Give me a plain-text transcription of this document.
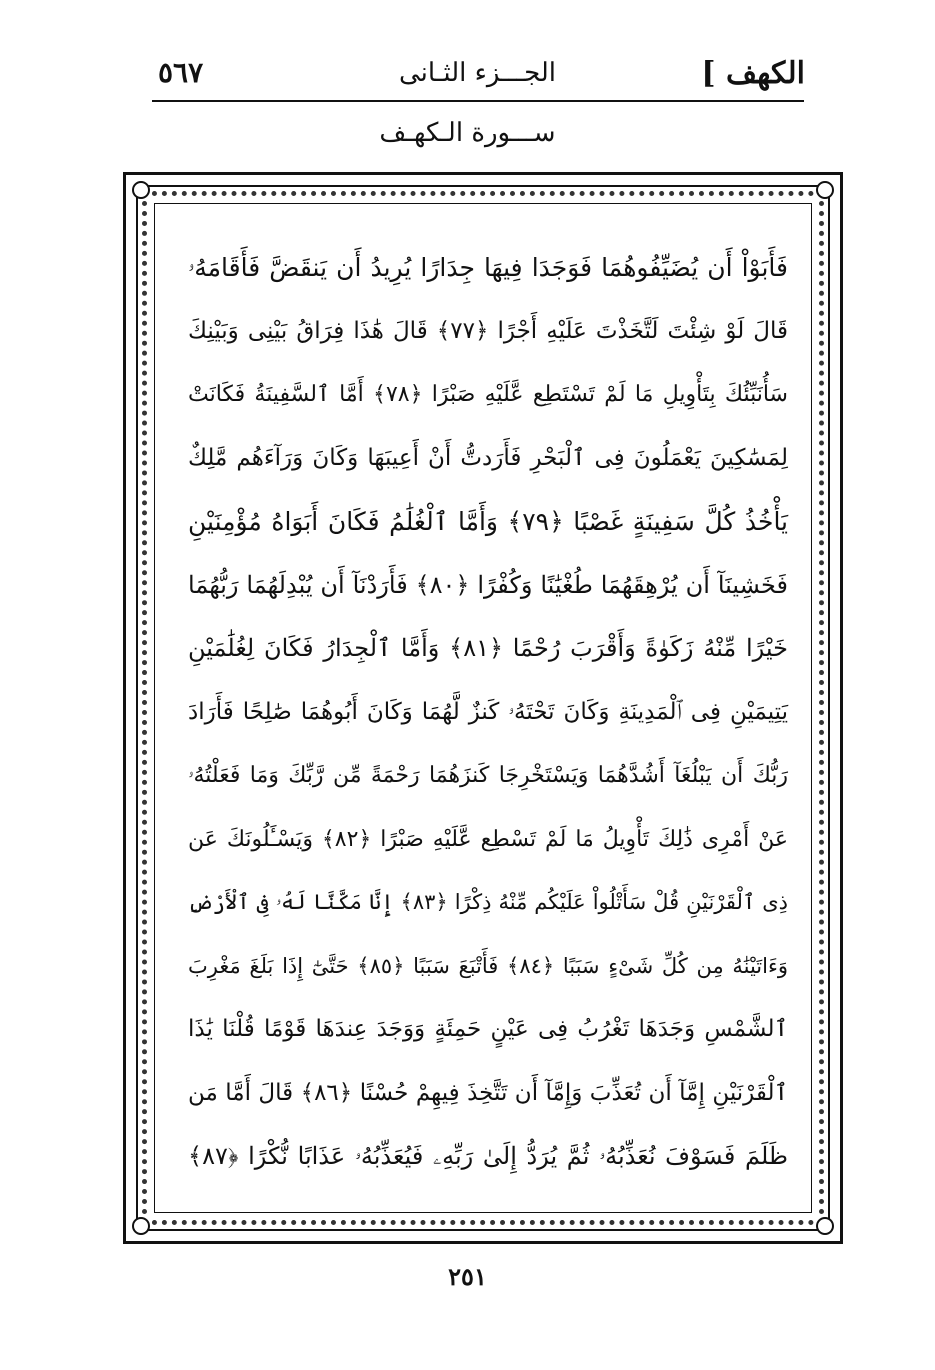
الكهف ]
الجـــزء الثـانى
٥٦٧
ســـورة الـكهـف
فَأَبَوْاْ أَن يُضَيِّفُوهُمَا فَوَجَدَا فِيهَا جِدَارًا يُرِيدُ أَن يَنقَضَّ فَأَقَامَهُۥ
قَالَ لَوْ شِئْتَ لَتَّخَذْتَ عَلَيْهِ أَجْرًا ﴿٧٧﴾ قَالَ هَٰذَا فِرَاقُ بَيْنِى وَبَيْنِكَ
سَأُنَبِّئُكَ بِتَأْوِيلِ مَا لَمْ تَسْتَطِع عَّلَيْهِ صَبْرًا ﴿٧٨﴾ أَمَّا ٱلسَّفِينَةُ فَكَانَتْ
لِمَسَٰكِينَ يَعْمَلُونَ فِى ٱلْبَحْرِ فَأَرَدتُّ أَنْ أَعِيبَهَا وَكَانَ وَرَآءَهُم مَّلِكٌ
يَأْخُذُ كُلَّ سَفِينَةٍ غَصْبًا ﴿٧٩﴾ وَأَمَّا ٱلْغُلَٰمُ فَكَانَ أَبَوَاهُ مُؤْمِنَيْنِ
فَخَشِينَآ أَن يُرْهِقَهُمَا طُغْيَٰنًا وَكُفْرًا ﴿٨٠﴾ فَأَرَدْنَآ أَن يُبْدِلَهُمَا رَبُّهُمَا
خَيْرًا مِّنْهُ زَكَوٰةً وَأَقْرَبَ رُحْمًا ﴿٨١﴾ وَأَمَّا ٱلْجِدَارُ فَكَانَ لِغُلَٰمَيْنِ
يَتِيمَيْنِ فِى ٱلْمَدِينَةِ وَكَانَ تَحْتَهُۥ كَنزٌ لَّهُمَا وَكَانَ أَبُوهُمَا صَٰلِحًا فَأَرَادَ
رَبُّكَ أَن يَبْلُغَآ أَشُدَّهُمَا وَيَسْتَخْرِجَا كَنزَهُمَا رَحْمَةً مِّن رَّبِّكَ وَمَا فَعَلْتُهُۥ
عَنْ أَمْرِى ذَٰلِكَ تَأْوِيلُ مَا لَمْ تَسْطِع عَّلَيْهِ صَبْرًا ﴿٨٢﴾ وَيَسْـَٔلُونَكَ عَن
ذِى ٱلْقَرْنَيْنِ قُلْ سَأَتْلُواْ عَلَيْكُم مِّنْهُ ذِكْرًا ﴿٨٣﴾ إِنَّا مَكَّنَّا لَهُۥ فِى ٱلْأَرْضِ
وَءَاتَيْنَٰهُ مِن كُلِّ شَىْءٍ سَبَبًا ﴿٨٤﴾ فَأَتْبَعَ سَبَبًا ﴿٨٥﴾ حَتَّىٰٓ إِذَا بَلَغَ مَغْرِبَ
ٱلشَّمْسِ وَجَدَهَا تَغْرُبُ فِى عَيْنٍ حَمِئَةٍ وَوَجَدَ عِندَهَا قَوْمًا قُلْنَا يَٰذَا
ٱلْقَرْنَيْنِ إِمَّآ أَن تُعَذِّبَ وَإِمَّآ أَن تَتَّخِذَ فِيهِمْ حُسْنًا ﴿٨٦﴾ قَالَ أَمَّا مَن
ظَلَمَ فَسَوْفَ نُعَذِّبُهُۥ ثُمَّ يُرَدُّ إِلَىٰ رَبِّهِۦ فَيُعَذِّبُهُۥ عَذَابًا نُّكْرًا ﴿٨٧﴾
٢٥١
